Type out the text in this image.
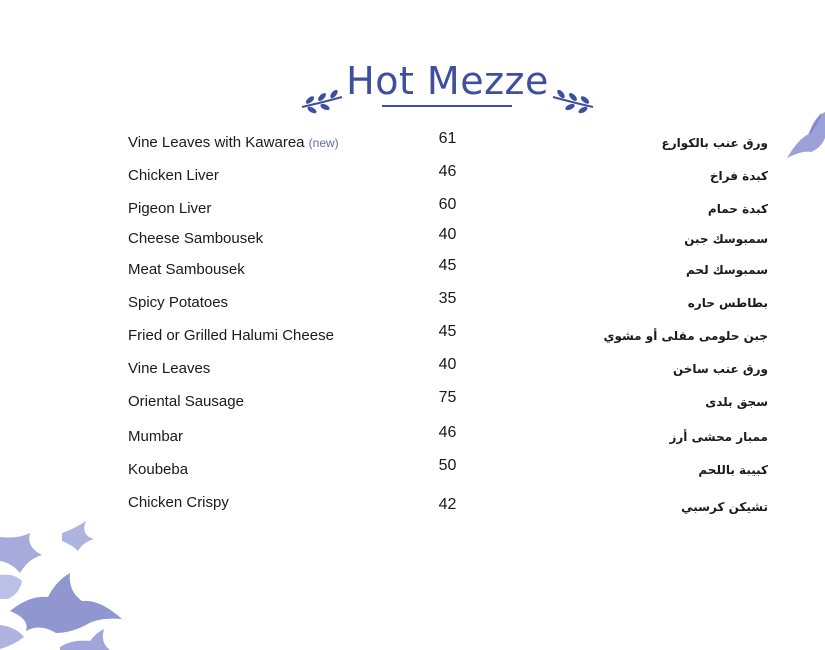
Hot Mezze
Vine Leaves with Kawarea (new)	61	ورق عنب بالكوارع
Chicken Liver	46	كبدة فراخ
Pigeon Liver	60	كبدة حمام
Cheese Sambousek	40	سمبوسك جبن
Meat Sambousek	45	سمبوسك لحم
Spicy Potatoes	35	بطاطس حاره
Fried or Grilled Halumi Cheese	45	جبن حلومى مقلى أو مشوي
Vine Leaves	40	ورق عنب ساخن
Oriental Sausage	75	سجق بلدى
Mumbar	46	ممبار محشى أرز
Koubeba	50	كبيبة باللحم
Chicken Crispy	42	تشيكن كرسبي
